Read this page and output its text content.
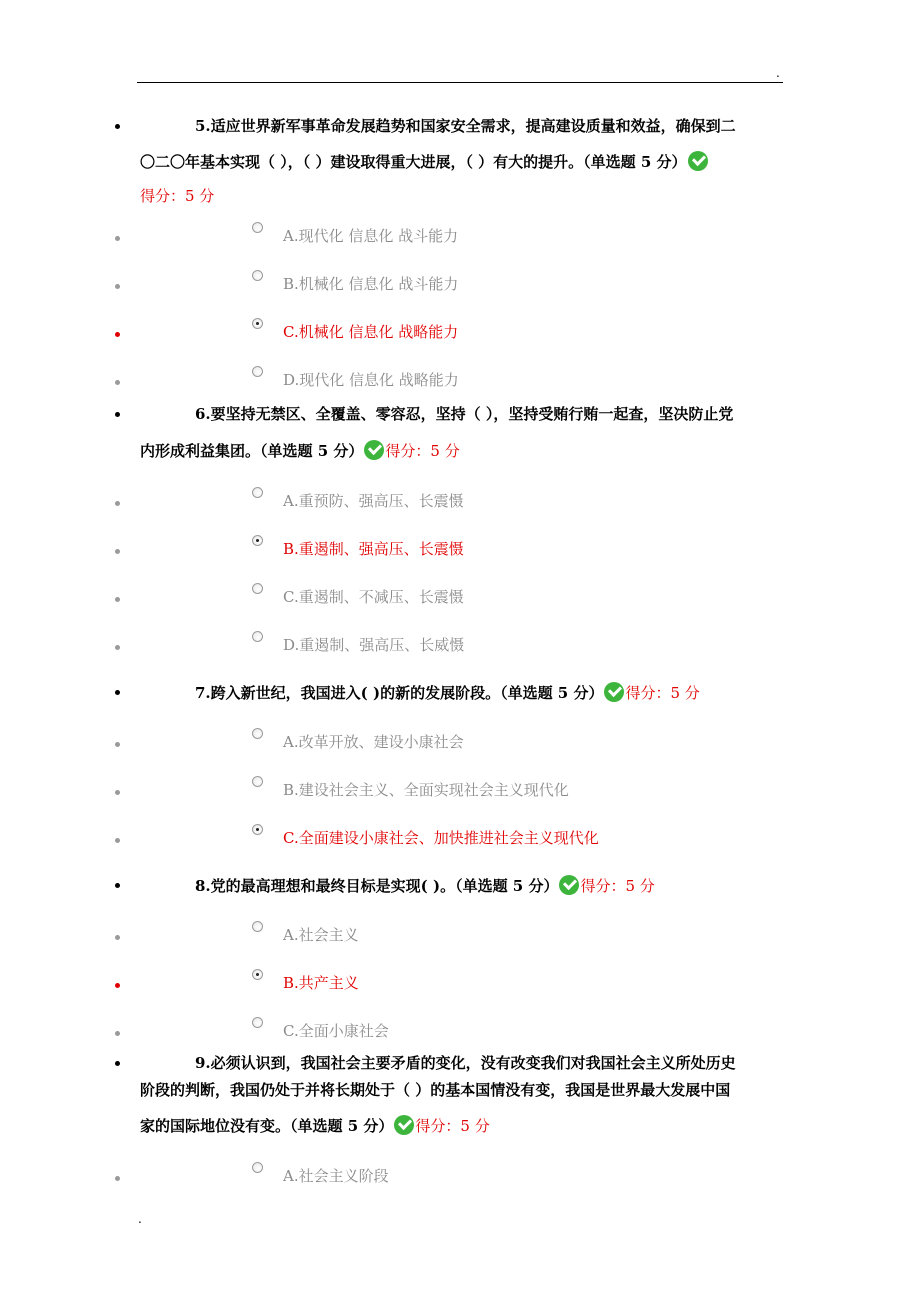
.
5.适应世界新军事革命发展趋势和国家安全需求，提高建设质量和效益，确保到二
〇二〇年基本实现（ ），（ ）建设取得重大进展，（ ）有大的提升。（单选题 5 分）
得分：5 分
A.现代化 信息化 战斗能力
B.机械化 信息化 战斗能力
C.机械化 信息化 战略能力
D.现代化 信息化 战略能力
6.要坚持无禁区、全覆盖、零容忍，坚持（ ），坚持受贿行贿一起查，坚决防止党
内形成利益集团。（单选题 5 分） 得分：5 分
A.重预防、强高压、长震慑
B.重遏制、强高压、长震慑
C.重遏制、不减压、长震慑
D.重遏制、强高压、长威慑
7.跨入新世纪，我国进入( )的新的发展阶段。（单选题 5 分） 得分：5 分
A.改革开放、建设小康社会
B.建设社会主义、全面实现社会主义现代化
C.全面建设小康社会、加快推进社会主义现代化
8.党的最高理想和最终目标是实现( )。（单选题 5 分） 得分：5 分
A.社会主义
B.共产主义
C.全面小康社会
9.必须认识到，我国社会主要矛盾的变化，没有改变我们对我国社会主义所处历史
阶段的判断，我国仍处于并将长期处于（ ）的基本国情没有变，我国是世界最大发展中国
家的国际地位没有变。（单选题 5 分） 得分：5 分
A.社会主义阶段
.
